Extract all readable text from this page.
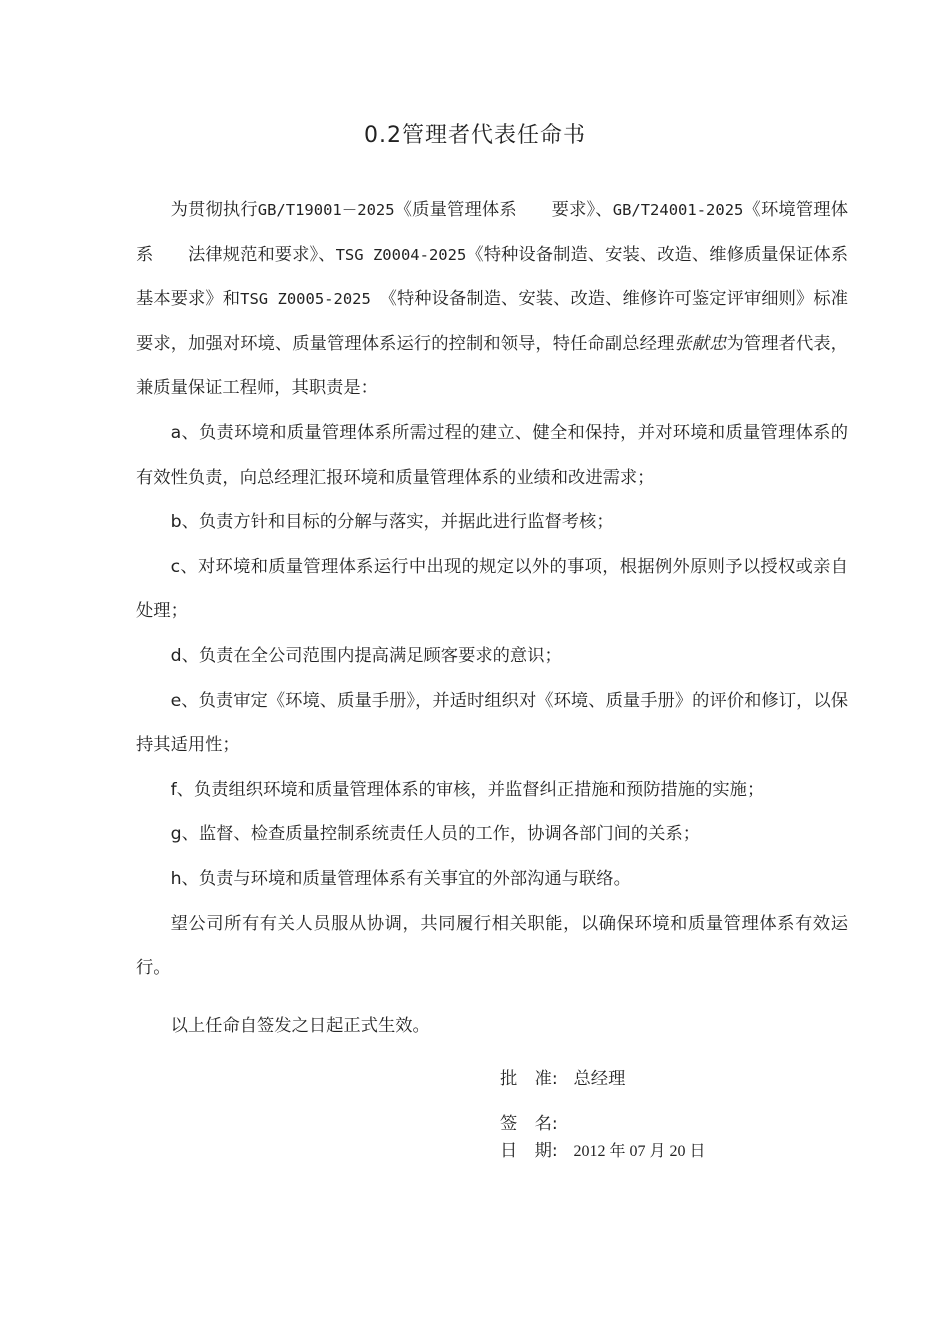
0.2管理者代表任命书

为贯彻执行GB/T19001－2025《质量管理体系　　要求》、GB/T24001-2025《环境管理体系　　法律规范和要求》、TSG Z0004-2025《特种设备制造、安装、改造、维修质量保证体系基本要求》和TSG Z0005-2025　《特种设备制造、安装、改造、维修许可鉴定评审细则》标准要求，加强对环境、质量管理体系运行的控制和领导，特任命副总经理张献忠为管理者代表，兼质量保证工程师，其职责是：

a、负责环境和质量管理体系所需过程的建立、健全和保持，并对环境和质量管理体系的有效性负责，向总经理汇报环境和质量管理体系的业绩和改进需求；

b、负责方针和目标的分解与落实，并据此进行监督考核；

c、对环境和质量管理体系运行中出现的规定以外的事项，根据例外原则予以授权或亲自处理；

d、负责在全公司范围内提高满足顾客要求的意识；

e、负责审定《环境、质量手册》，并适时组织对《环境、质量手册》的评价和修订，以保持其适用性；

f、负责组织环境和质量管理体系的审核，并监督纠正措施和预防措施的实施；

g、监督、检查质量控制系统责任人员的工作，协调各部门间的关系；

h、负责与环境和质量管理体系有关事宜的外部沟通与联络。

望公司所有有关人员服从协调，共同履行相关职能，以确保环境和质量管理体系有效运行。

以上任命自签发之日起正式生效。

批　准: 总经理
签　名:
日　期: 2012 年 07 月 20 日
